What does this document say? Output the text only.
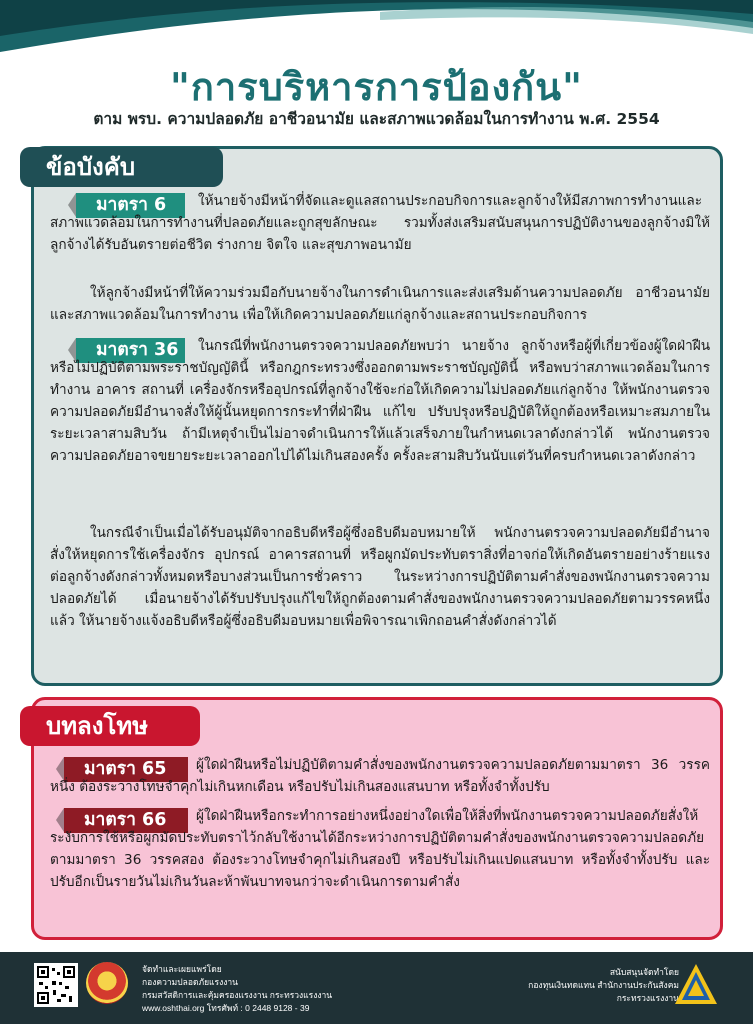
"การบริหารการป้องกัน"
ตาม พรบ. ความปลอดภัย อาชีวอนามัย และสภาพแวดล้อมในการทำงาน พ.ศ. 2554
ข้อบังคับ
มาตรา 6	ให้นายจ้างมีหน้าที่จัดและดูแลสถานประกอบกิจการและลูกจ้างให้มีสภาพการทำงานและสภาพแวดล้อมในการทำงานที่ปลอดภัยและถูกสุขลักษณะ รวมทั้งส่งเสริมสนับสนุนการปฏิบัติงานของลูกจ้างมิให้ลูกจ้างได้รับอันตรายต่อชีวิต ร่างกาย จิตใจ และสุขภาพอนามัย

ให้ลูกจ้างมีหน้าที่ให้ความร่วมมือกับนายจ้างในการดำเนินการและส่งเสริมด้านความปลอดภัย อาชีวอนามัย และสภาพแวดล้อมในการทำงาน เพื่อให้เกิดความปลอดภัยแก่ลูกจ้างและสถานประกอบกิจการ

มาตรา 36	ในกรณีที่พนักงานตรวจความปลอดภัยพบว่า นายจ้าง ลูกจ้างหรือผู้ที่เกี่ยวข้องผู้ใดฝ่าฝืนหรือไม่ปฏิบัติตามพระราชบัญญัตินี้ หรือกฎกระทรวงซึ่งออกตามพระราชบัญญัตินี้ หรือพบว่าสภาพแวดล้อมในการทำงาน อาคาร สถานที่ เครื่องจักรหรืออุปกรณ์ที่ลูกจ้างใช้จะก่อให้เกิดความไม่ปลอดภัยแก่ลูกจ้าง ให้พนักงานตรวจความปลอดภัยมีอำนาจสั่งให้ผู้นั้นหยุดการกระทำที่ฝ่าฝืน แก้ไข ปรับปรุงหรือปฏิบัติให้ถูกต้องหรือเหมาะสมภายในระยะเวลาสามสิบวัน ถ้ามีเหตุจำเป็นไม่อาจดำเนินการให้แล้วเสร็จภายในกำหนดเวลาดังกล่าวได้ พนักงานตรวจความปลอดภัยอาจขยายระยะเวลาออกไปได้ไม่เกินสองครั้ง ครั้งละสามสิบวันนับแต่วันที่ครบกำหนดเวลาดังกล่าว

ในกรณีจำเป็นเมื่อได้รับอนุมัติจากอธิบดีหรือผู้ซึ่งอธิบดีมอบหมายให้ พนักงานตรวจความปลอดภัยมีอำนาจสั่งให้หยุดการใช้เครื่องจักร อุปกรณ์ อาคารสถานที่ หรือผูกมัดประทับตราสิ่งที่อาจก่อให้เกิดอันตรายอย่างร้ายแรงต่อลูกจ้างดังกล่าวทั้งหมดหรือบางส่วนเป็นการชั่วคราว ในระหว่างการปฏิบัติตามคำสั่งของพนักงานตรวจความปลอดภัยได้ เมื่อนายจ้างได้รับปรับปรุงแก้ไขให้ถูกต้องตามคำสั่งของพนักงานตรวจความปลอดภัยตามวรรคหนึ่งแล้ว ให้นายจ้างแจ้งอธิบดีหรือผู้ซึ่งอธิบดีมอบหมายเพื่อพิจารณาเพิกถอนคำสั่งดังกล่าวได้

บทลงโทษ
มาตรา 65	ผู้ใดฝ่าฝืนหรือไม่ปฏิบัติตามคำสั่งของพนักงานตรวจความปลอดภัยตามมาตรา 36 วรรคหนึ่ง ต้องระวางโทษจำคุกไม่เกินหกเดือน หรือปรับไม่เกินสองแสนบาท หรือทั้งจำทั้งปรับ

มาตรา 66	ผู้ใดฝ่าฝืนหรือกระทำการอย่างหนึ่งอย่างใดเพื่อให้สิ่งที่พนักงานตรวจความปลอดภัยสั่งให้ระงับการใช้หรือผูกมัดประทับตราไว้กลับใช้งานได้อีกระหว่างการปฏิบัติตามคำสั่งของพนักงานตรวจความปลอดภัยตามมาตรา 36 วรรคสอง ต้องระวางโทษจำคุกไม่เกินสองปี หรือปรับไม่เกินแปดแสนบาท หรือทั้งจำทั้งปรับ และปรับอีกเป็นรายวันไม่เกินวันละห้าพันบาทจนกว่าจะดำเนินการตามคำสั่ง

จัดทำและเผยแพร่โดย
กองความปลอดภัยแรงงาน
กรมสวัสดิการและคุ้มครองแรงงาน กระทรวงแรงงาน
www.oshthai.org โทรศัพท์ : 0 2448 9128 - 39
สนับสนุนจัดทำโดย
กองทุนเงินทดแทน สำนักงานประกันสังคม
กระทรวงแรงงาน
